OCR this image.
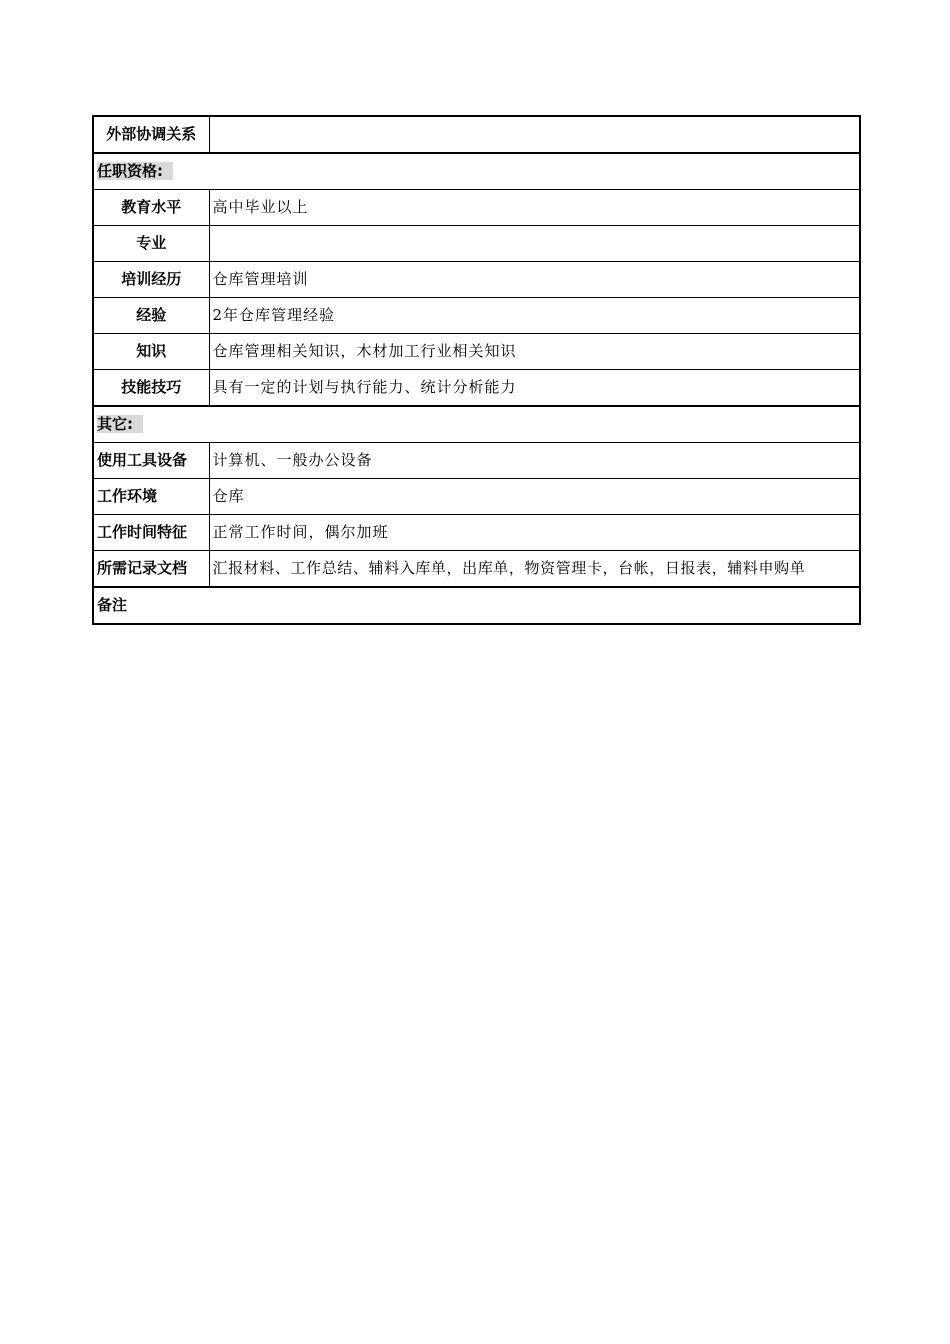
外部协调关系	
任职资格:	
教育水平	高中毕业以上
专业	
培训经历	仓库管理培训
经验	2年仓库管理经验
知识	仓库管理相关知识，木材加工行业相关知识
技能技巧	具有一定的计划与执行能力、统计分析能力
其它:	
使用工具设备	计算机、一般办公设备
工作环境	仓库
工作时间特征	正常工作时间，偶尔加班
所需记录文档	汇报材料、工作总结、辅料入库单，出库单，物资管理卡，台帐，日报表，辅料申购单
备注	
